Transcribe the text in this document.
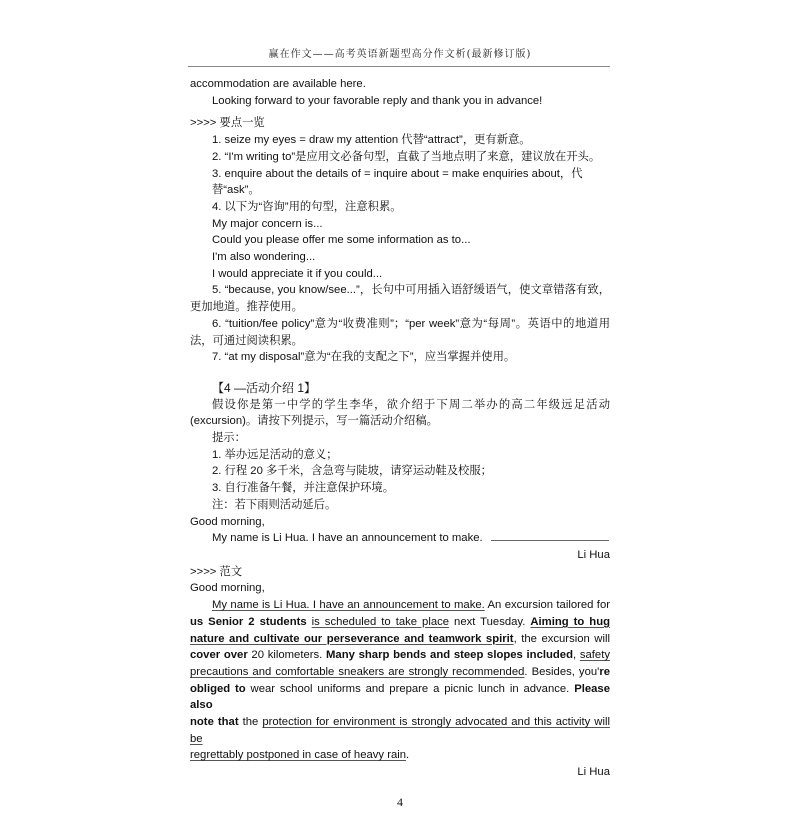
赢在作文——高考英语新题型高分作文析(最新修订版)
accommodation are available here.
Looking forward to your favorable reply and thank you in advance!
>>>> 要点一览
1. seize my eyes = draw my attention 代替“attract”，更有新意。
2. “I'm writing to”是应用文必备句型，直截了当地点明了来意，建议放在开头。
3. enquire about the details of = inquire about = make enquiries about，代替“ask”。
4. 以下为“咨询”用的句型，注意积累。
My major concern is...
Could you please offer me some information as to...
I'm also wondering...
I would appreciate it if you could...
5. “because, you know/see...”，长句中可用插入语舒缓语气，使文章错落有致，
更加地道。推荐使用。
6. “tuition/fee policy”意为“收费准则”；“per week”意为“每周”。英语中的地道用
法，可通过阅读积累。
7. “at my disposal”意为“在我的支配之下”，应当掌握并使用。
【4 —活动介绍 1】
假设你是第一中学的学生李华，欲介绍于下周二举办的高二年级远足活动
(excursion)。请按下列提示，写一篇活动介绍稿。
提示：
1. 举办远足活动的意义；
2. 行程 20 多千米，含急弯与陡坡，请穿运动鞋及校服；
3. 自行准备午餐，并注意保护环境。
注：若下雨则活动延后。
Good morning,
My name is Li Hua. I have an announcement to make.
Li Hua
>>>> 范文
Good morning,
My name is Li Hua. I have an announcement to make. An excursion tailored for
us Senior 2 students is scheduled to take place next Tuesday. Aiming to hug
nature and cultivate our perseverance and teamwork spirit, the excursion will
cover over 20 kilometers. Many sharp bends and steep slopes included, safety
precautions and comfortable sneakers are strongly recommended. Besides, you're
obliged to wear school uniforms and prepare a picnic lunch in advance. Please also
note that the protection for environment is strongly advocated and this activity will be
regrettably postponed in case of heavy rain.
Li Hua
4
